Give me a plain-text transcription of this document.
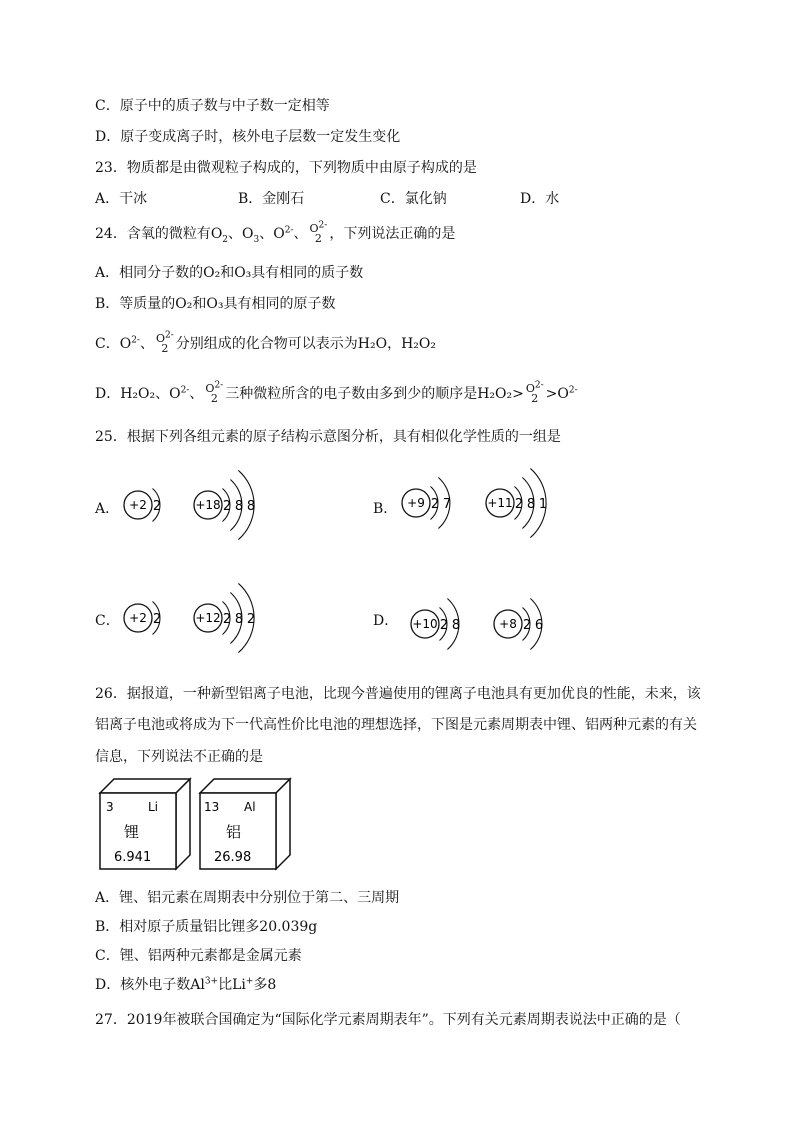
C．原子中的质子数与中子数一定相等
D．原子变成离子时，核外电子层数一定发生变化
23．物质都是由微观粒子构成的，下列物质中由原子构成的是
A．干冰	B．金刚石	C．氯化钠	D．水
24．含氧的微粒有$O_2$、$O_3$、$O^{2-}$、 $O^{2-}$
2 ，下列说法正确的是
A．相同分子数的O₂和O₃具有相同的质子数
B．等质量的O₂和O₃具有相同的原子数
C．$O^{2-}$、 $O^{2-}$
2 分别组成的化合物可以表示为H₂O，H₂O₂
D．H₂O₂、$O^{2-}$、 $O^{2-}$
2 三种微粒所含的电子数由多到少的顺序是$H_2O_2> O^{2-}$
$2 >O^{2-}$
25．根据下列各组元素的原子结构示意图分析，具有相似化学性质的一组是
A．	B．
C．	D．
+2 2	+18 2 8 8	+9 2 7	+11 2 8 1
+2 2	+12 2 8 2	+10 2 8	+8 2 6
26．据报道，一种新型铝离子电池，比现今普遍使用的锂离子电池具有更加优良的性能，未来，该
铝离子电池或将成为下一代高性价比电池的理想选择，下图是元素周期表中锂、铝两种元素的有关
信息，下列说法不正确的是
3	Li
锂
6.941
13 Al
铝
26.98
A．锂、铝元素在周期表中分别位于第二、三周期
B．相对原子质量铝比锂多20.039g
C．锂、铝两种元素都是金属元素
D．核外电子数$Al^{3+}$比Li+多8
27．2019年被联合国确定为“国际化学元素周期表年”。下列有关元素周期表说法中正确的是（
